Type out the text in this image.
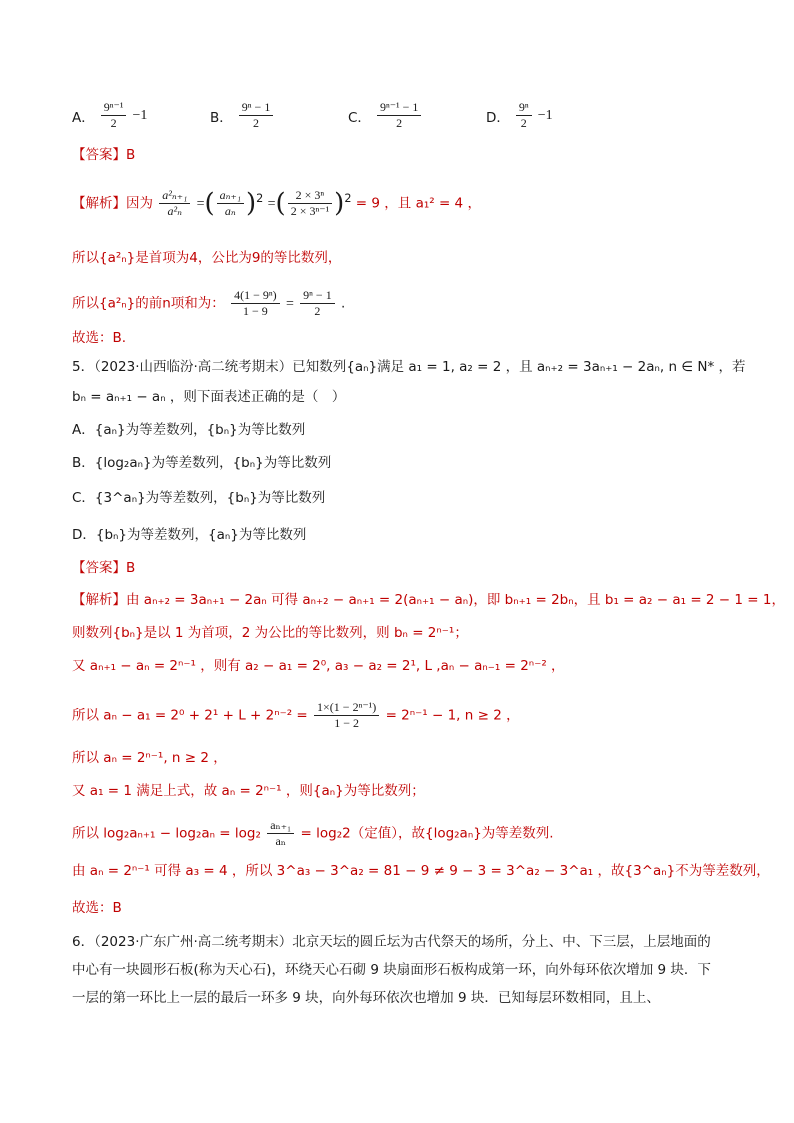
A． $\frac{\text{9ⁿ⁻¹}}{2} -1$	B． $\frac{\text{9ⁿ − 1}}{2}$	C． $\frac{\text{9ⁿ⁻¹ − 1}}{2}$	D． $\frac{\text{9ⁿ}}{2} -1$
【答案】B
【解析】因为 $\frac{\text{a²ₙ₊₁}}{\text{a²ₙ}}$ =( $\frac{\text{aₙ₊₁}}{\text{aₙ}} )^2$ =( $\frac{\text{2 × 3ⁿ}}{\text{2 × 3ⁿ⁻¹}} )^2 = 9$ ，且 a₁² = 4 ，
所以{a²ₙ}是首项为4，公比为9的等比数列，
所以{a²ₙ}的前n项和为： $\frac{\text{4(1 − 9ⁿ)}}{1 - 9} = \frac{\text{9ⁿ − 1}}{2}$ .
故选：B.
5．（2023·山西临汾·高二统考期末）已知数列{aₙ}满足 a₁ = 1, a₂ = 2 ，且 aₙ₊₂ = 3aₙ₊₁ − 2aₙ, n ∈ N* ，若
bₙ = aₙ₊₁ − aₙ ，则下面表述正确的是（　）
A．{aₙ}为等差数列，{bₙ}为等比数列
B．{log₂aₙ}为等差数列，{bₙ}为等比数列
C．{3^aₙ}为等差数列，{bₙ}为等比数列
D．{bₙ}为等差数列，{aₙ}为等比数列
【答案】B
【解析】由 aₙ₊₂ = 3aₙ₊₁ − 2aₙ 可得 aₙ₊₂ − aₙ₊₁ = 2(aₙ₊₁ − aₙ)，即 bₙ₊₁ = 2bₙ，且 b₁ = a₂ − a₁ = 2 − 1 = 1，
则数列{bₙ}是以 1 为首项，2 为公比的等比数列，则 bₙ = 2ⁿ⁻¹；
又 aₙ₊₁ − aₙ = 2ⁿ⁻¹ ，则有 a₂ − a₁ = 2⁰, a₃ − a₂ = 2¹, L ,aₙ − aₙ₋₁ = 2ⁿ⁻² ，
所以 $a_n - a_1 = 2^0 + 2^1 + L + 2^{n-2} = \frac{\text{1×(1 − 2ⁿ⁻¹)}}{1 - 2} = 2^{n-1} - 1$, n ≥ 2 ，
所以 aₙ = 2ⁿ⁻¹, n ≥ 2 ，
又 a₁ = 1 满足上式，故 aₙ = 2ⁿ⁻¹ ，则{aₙ}为等比数列；
所以 $\log_2a_{n+1} - \log_2a_n = \log_2 \frac{\text{aₙ₊₁}}{\text{aₙ}} = \log_22$（定值），故{log₂aₙ}为等差数列.
由 aₙ = 2ⁿ⁻¹ 可得 a₃ = 4 ，所以 3^a₃ − 3^a₂ = 81 − 9 ≠ 9 − 3 = 3^a₂ − 3^a₁ ，故{3^aₙ}不为等差数列，
故选：B
6．（2023·广东广州·高二统考期末）北京天坛的圆丘坛为古代祭天的场所，分上、中、下三层，上层地面的中心有一块圆形石板(称为天心石)，环绕天心石砌 9 块扇面形石板构成第一环，向外每环依次增加 9 块．下一层的第一环比上一层的最后一环多 9 块，向外每环依次也增加 9 块．已知每层环数相同，且上、
